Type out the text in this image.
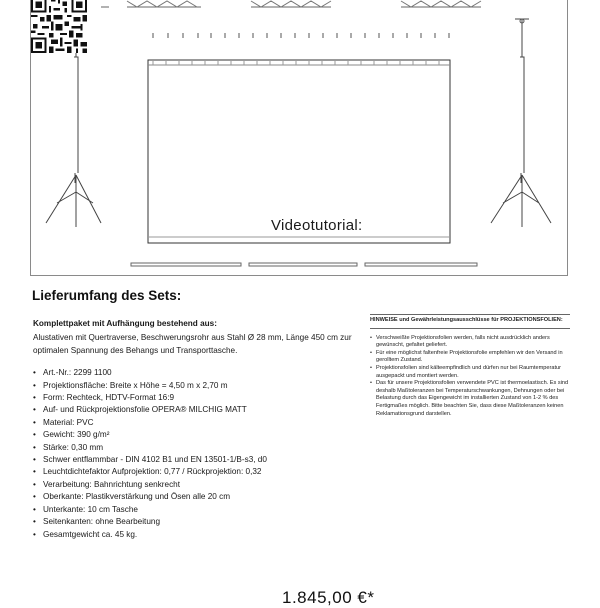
Videotutorial:
Lieferumfang des Sets:

Komplettpaket mit Aufhängung bestehend aus:

Alustativen mit Quertraverse, Beschwerungsrohr aus Stahl Ø 28 mm, Länge 450 cm zur optimalen Spannung des Behangs und Transporttasche.

• Art.-Nr.: 2299 1100
• Projektionsfläche: Breite x Höhe = 4,50 m x 2,70 m
• Form: Rechteck, HDTV-Format 16:9
• Auf- und Rückprojektionsfolie OPERA® MILCHIG MATT
• Material: PVC
• Gewicht: 390 g/m²
• Stärke: 0,30 mm
• Schwer entflammbar - DIN 4102 B1 und EN 13501-1/B-s3, d0
• Leuchtdichtefaktor Aufprojektion: 0,77 / Rückprojektion: 0,32
• Verarbeitung: Bahnrichtung senkrecht
• Oberkante: Plastikverstärkung und Ösen alle 20 cm
• Unterkante: 10 cm Tasche
• Seitenkanten: ohne Bearbeitung
• Gesamtgewicht ca. 45 kg.

HINWEISE und Gewährleistungsausschlüsse für PROJEKTIONSFOLIEN:

• Verschweißte Projektionsfolien werden, falls nicht ausdrücklich anders gewünscht, gefaltet geliefert.
• Für eine möglichst faltenfreie Projektionsfolie empfehlen wir den Versand in gerolltem Zustand.
• Projektionsfolien sind kälteempfindlich und dürfen nur bei Raumtemperatur ausgepackt und montiert werden.
• Das für unsere Projektionsfolien verwendete PVC ist thermoelastisch. Es sind deshalb Maßtoleranzen bei Temperaturschwankungen, Dehnungen oder bei Belastung durch das Eigengewicht im installierten Zustand von 1-2 % des Fertigmaßes möglich. Bitte beachten Sie, dass diese Maßtoleranzen keinen Reklamationsgrund darstellen.
1.845,00 €*
